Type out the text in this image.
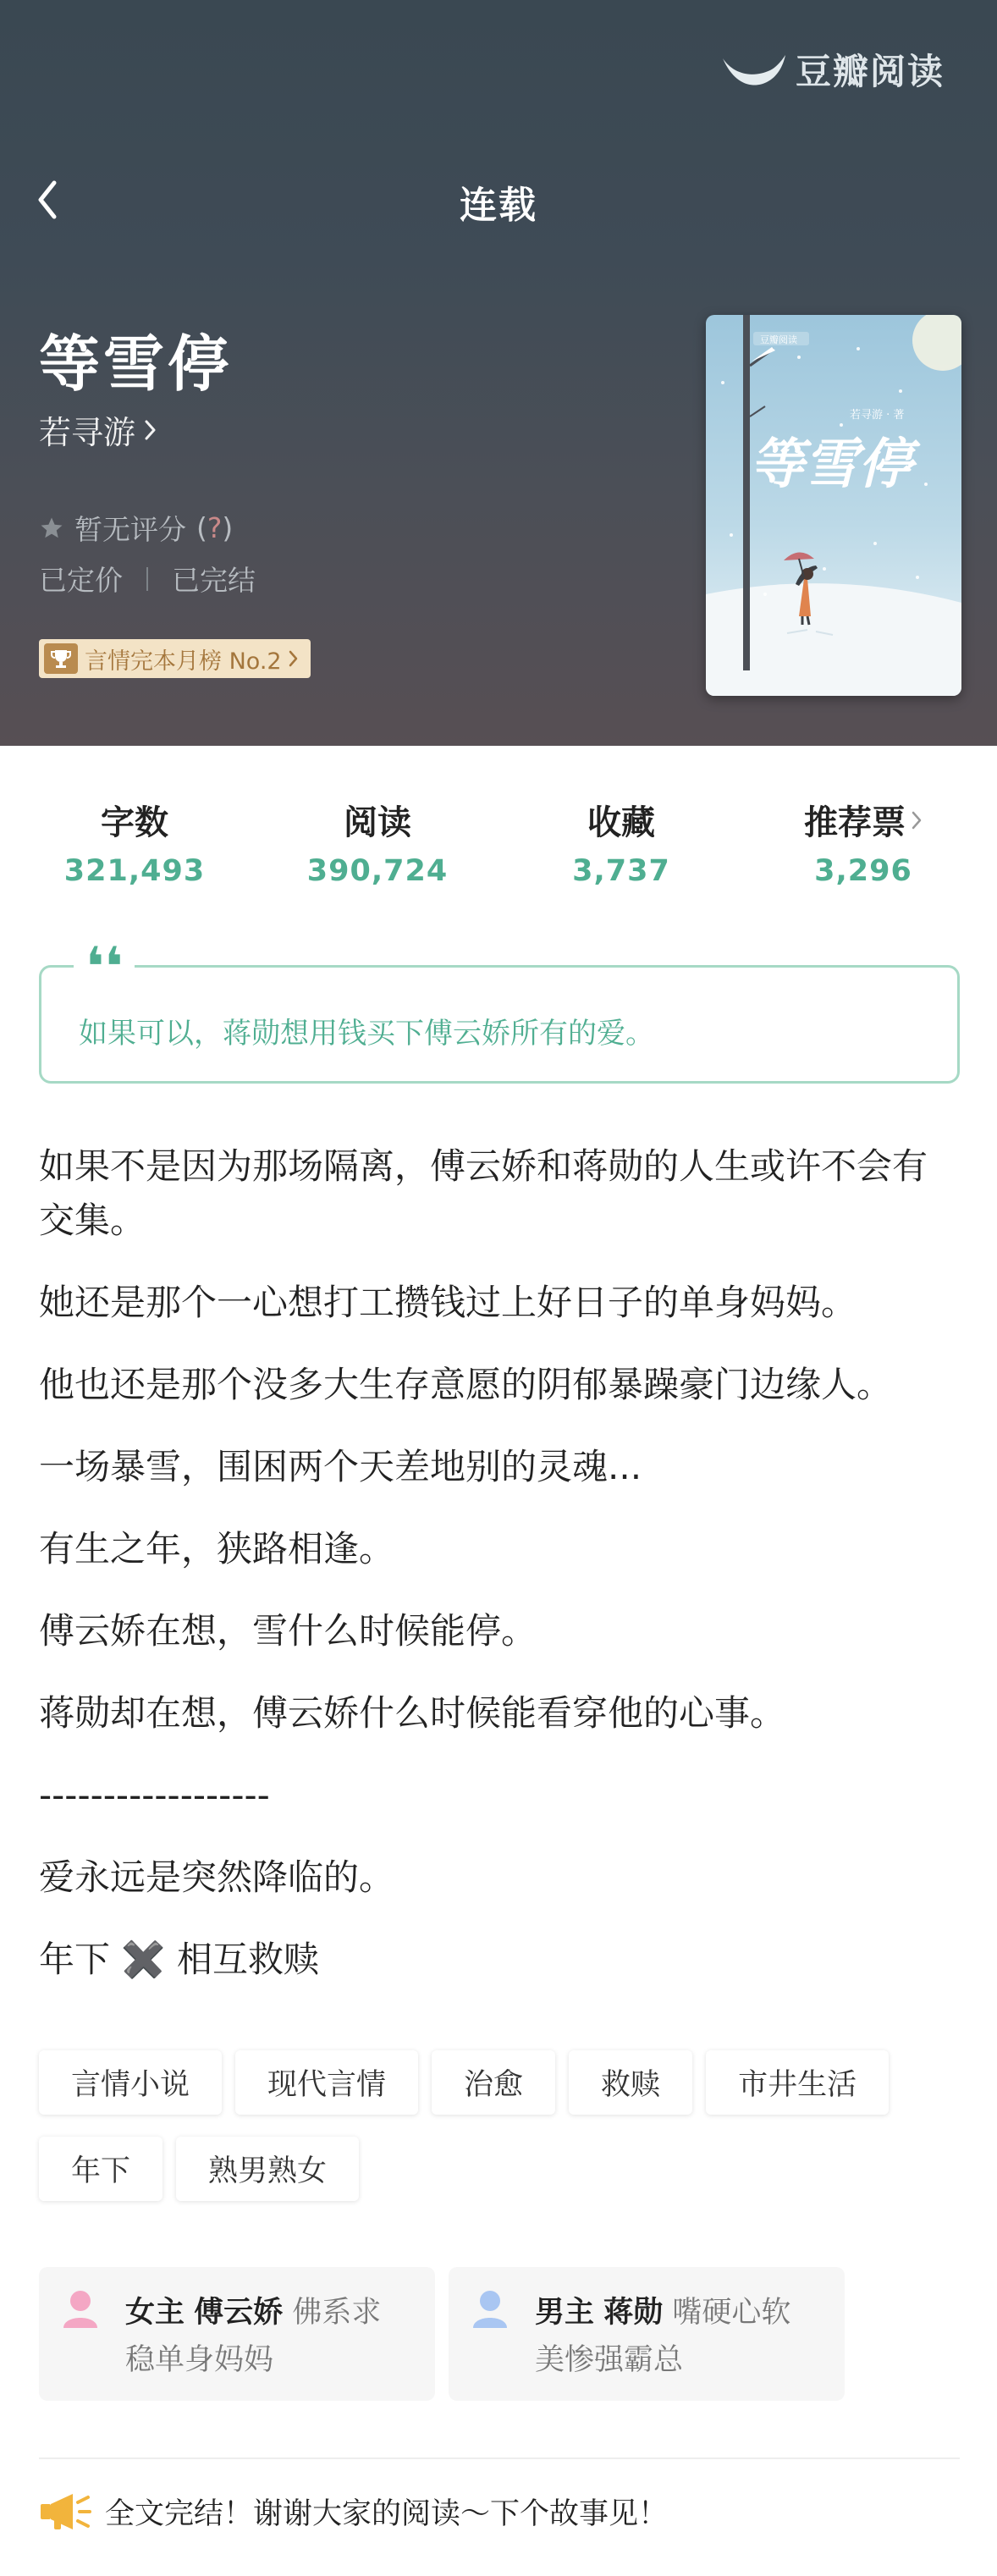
豆瓣阅读
连载
等雪停
若寻游
暂无评分 (?)
已定价 已完结
言情完本月榜 No.2
豆瓣阅读
若寻游 · 著
等雪停
字数
321,493
阅读
390,724
收藏
3,737
推荐票
3,296
❛❛
如果可以，蒋勋想用钱买下傅云娇所有的爱。

如果不是因为那场隔离，傅云娇和蒋勋的人生或许不会有交集。

她还是那个一心想打工攒钱过上好日子的单身妈妈。

他也还是那个没多大生存意愿的阴郁暴躁豪门边缘人。

一场暴雪，围困两个天差地别的灵魂...

有生之年，狭路相逢。

傅云娇在想，雪什么时候能停。

蒋勋却在想，傅云娇什么时候能看穿他的心事。

------------------

爱永远是突然降临的。

年下 ✖️ 相互救赎

言情小说	现代言情	治愈	救赎	市井生活
年下	熟男熟女
女主 傅云娇 佛系求
稳单身妈妈
男主 蒋勋 嘴硬心软
美惨强霸总
全文完结！谢谢大家的阅读～下个故事见！
